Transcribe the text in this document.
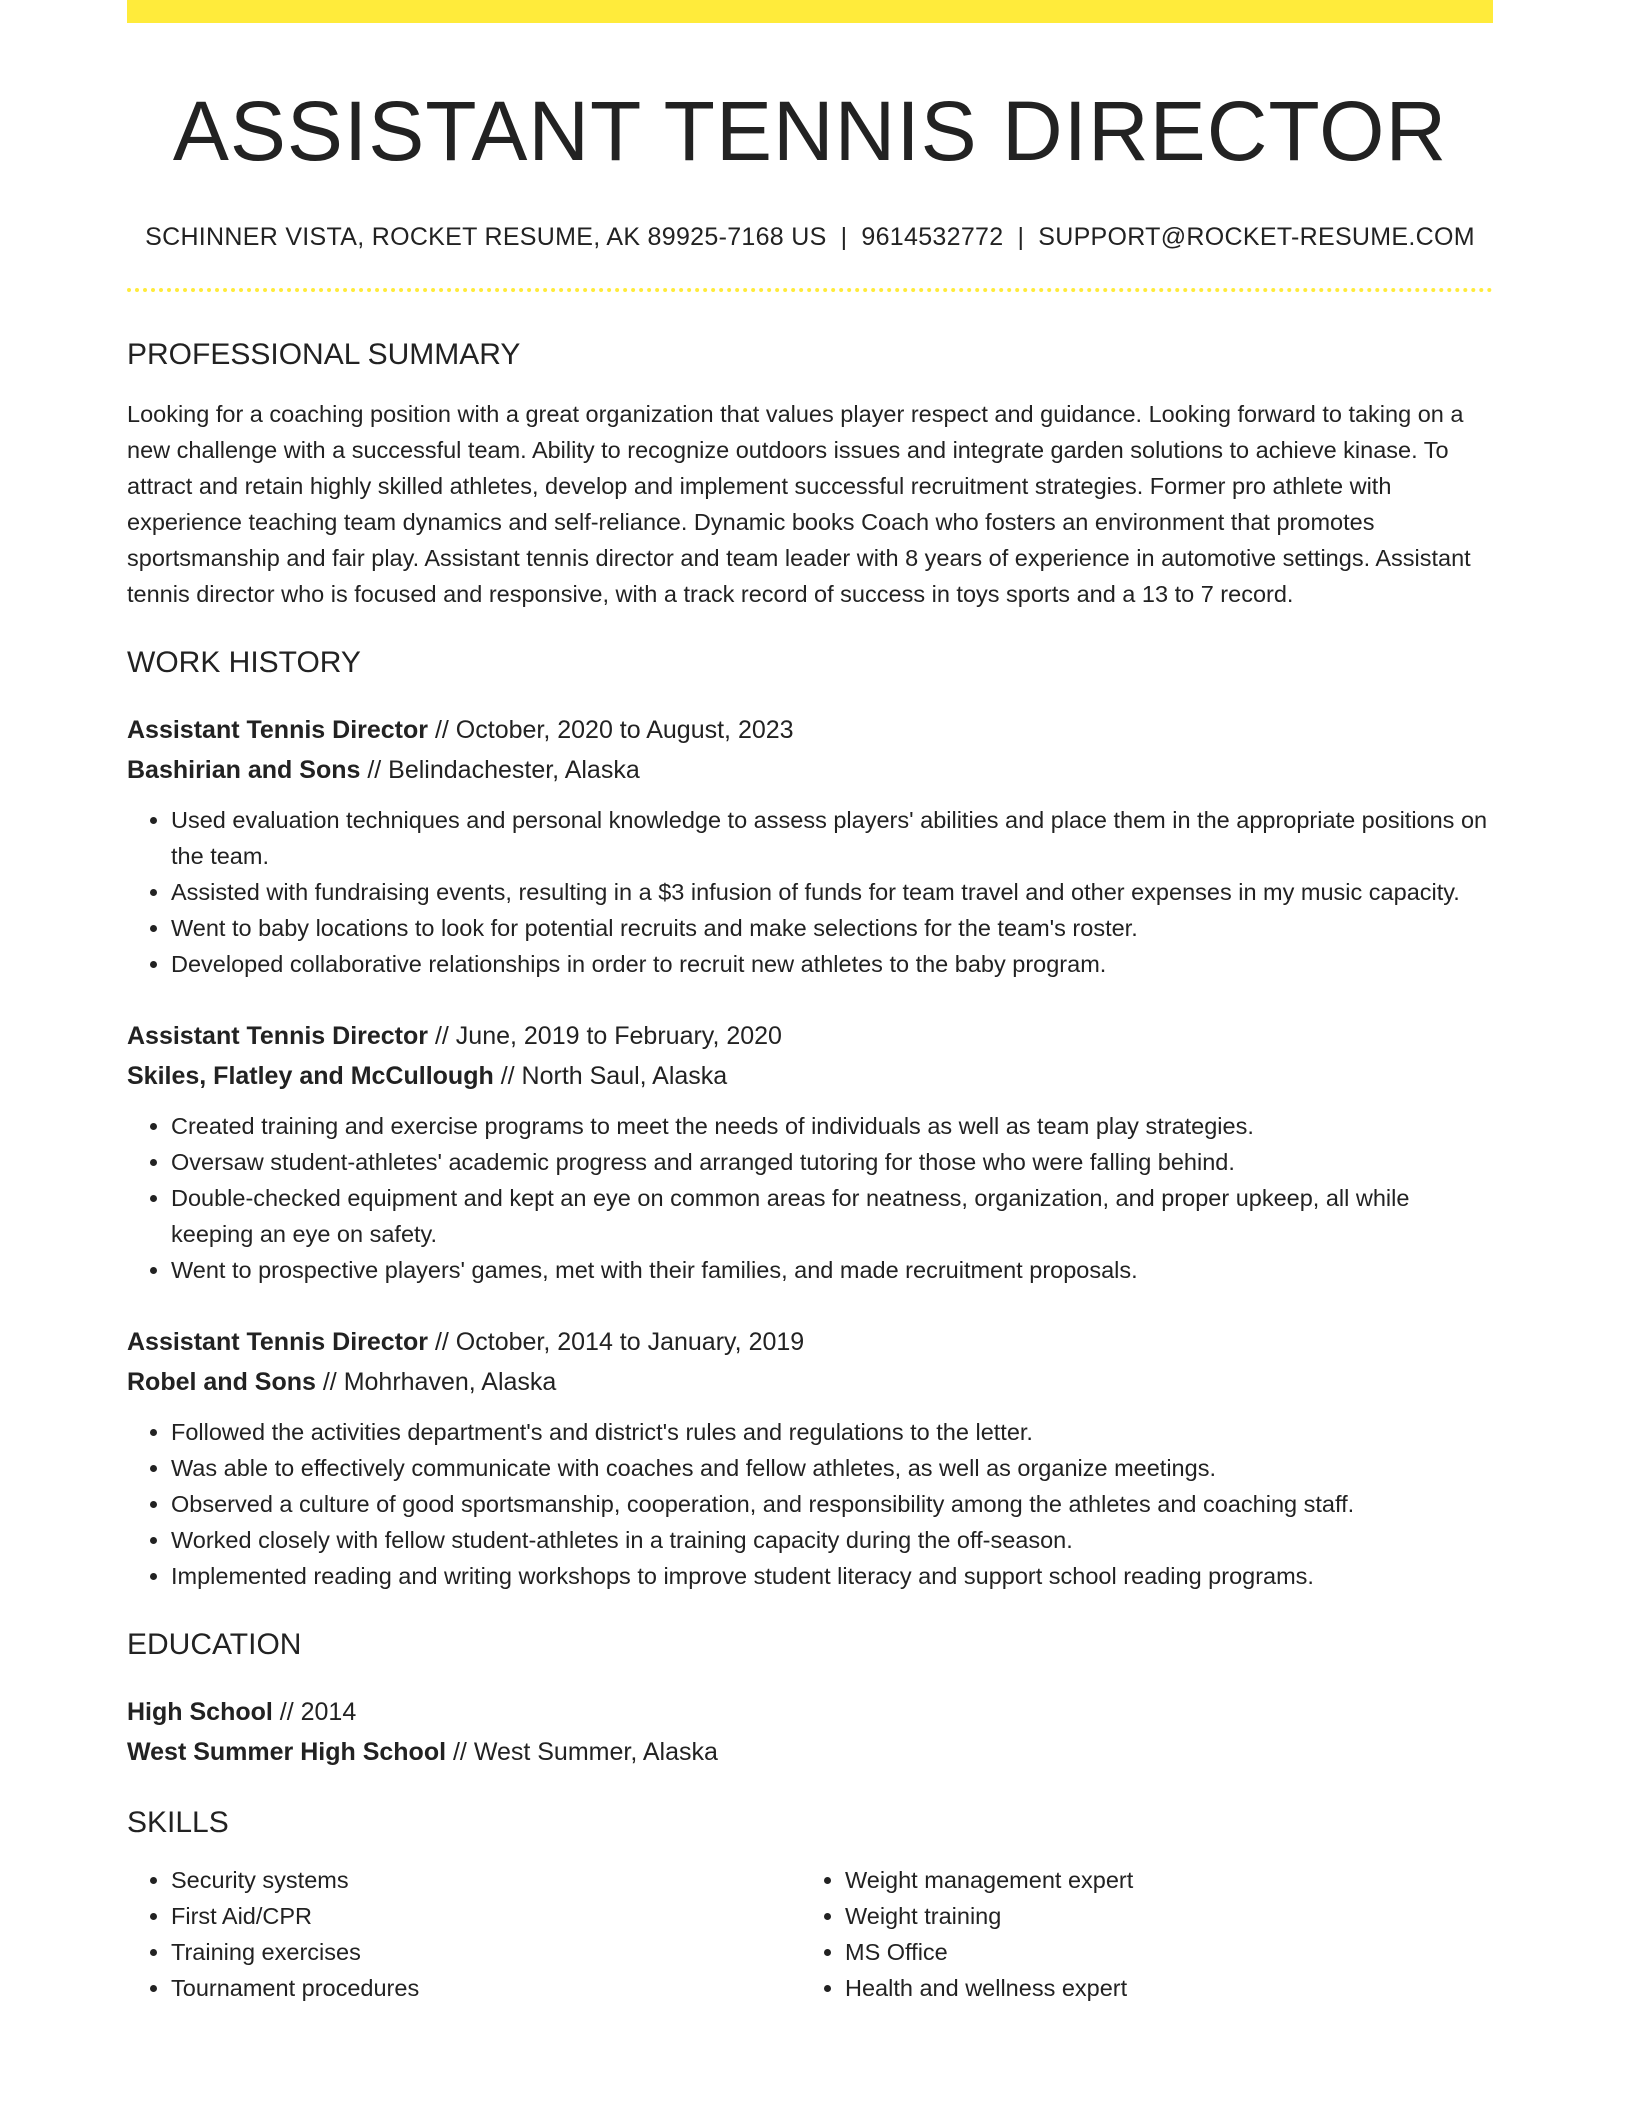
ASSISTANT TENNIS DIRECTOR
SCHINNER VISTA, ROCKET RESUME, AK 89925-7168 US | 9614532772 | SUPPORT@ROCKET-RESUME.COM
PROFESSIONAL SUMMARY

Looking for a coaching position with a great organization that values player respect and guidance. Looking forward to taking on a new challenge with a successful team. Ability to recognize outdoors issues and integrate garden solutions to achieve kinase. To attract and retain highly skilled athletes, develop and implement successful recruitment strategies. Former pro athlete with experience teaching team dynamics and self-reliance. Dynamic books Coach who fosters an environment that promotes sportsmanship and fair play. Assistant tennis director and team leader with 8 years of experience in automotive settings. Assistant tennis director who is focused and responsive, with a track record of success in toys sports and a 13 to 7 record.

WORK HISTORY
Assistant Tennis Director // October, 2020 to August, 2023
Bashirian and Sons // Belindachester, Alaska
• Used evaluation techniques and personal knowledge to assess players' abilities and place them in the appropriate positions on the team.
• Assisted with fundraising events, resulting in a $3 infusion of funds for team travel and other expenses in my music capacity.
• Went to baby locations to look for potential recruits and make selections for the team's roster.
• Developed collaborative relationships in order to recruit new athletes to the baby program.
Assistant Tennis Director // June, 2019 to February, 2020
Skiles, Flatley and McCullough // North Saul, Alaska
• Created training and exercise programs to meet the needs of individuals as well as team play strategies.
• Oversaw student-athletes' academic progress and arranged tutoring for those who were falling behind.
• Double-checked equipment and kept an eye on common areas for neatness, organization, and proper upkeep, all while keeping an eye on safety.
• Went to prospective players' games, met with their families, and made recruitment proposals.
Assistant Tennis Director // October, 2014 to January, 2019
Robel and Sons // Mohrhaven, Alaska
• Followed the activities department's and district's rules and regulations to the letter.
• Was able to effectively communicate with coaches and fellow athletes, as well as organize meetings.
• Observed a culture of good sportsmanship, cooperation, and responsibility among the athletes and coaching staff.
• Worked closely with fellow student-athletes in a training capacity during the off-season.
• Implemented reading and writing workshops to improve student literacy and support school reading programs.
EDUCATION
High School // 2014
West Summer High School // West Summer, Alaska
SKILLS
• Security systems
• First Aid/CPR
• Training exercises
• Tournament procedures
• Weight management expert
• Weight training
• MS Office
• Health and wellness expert
